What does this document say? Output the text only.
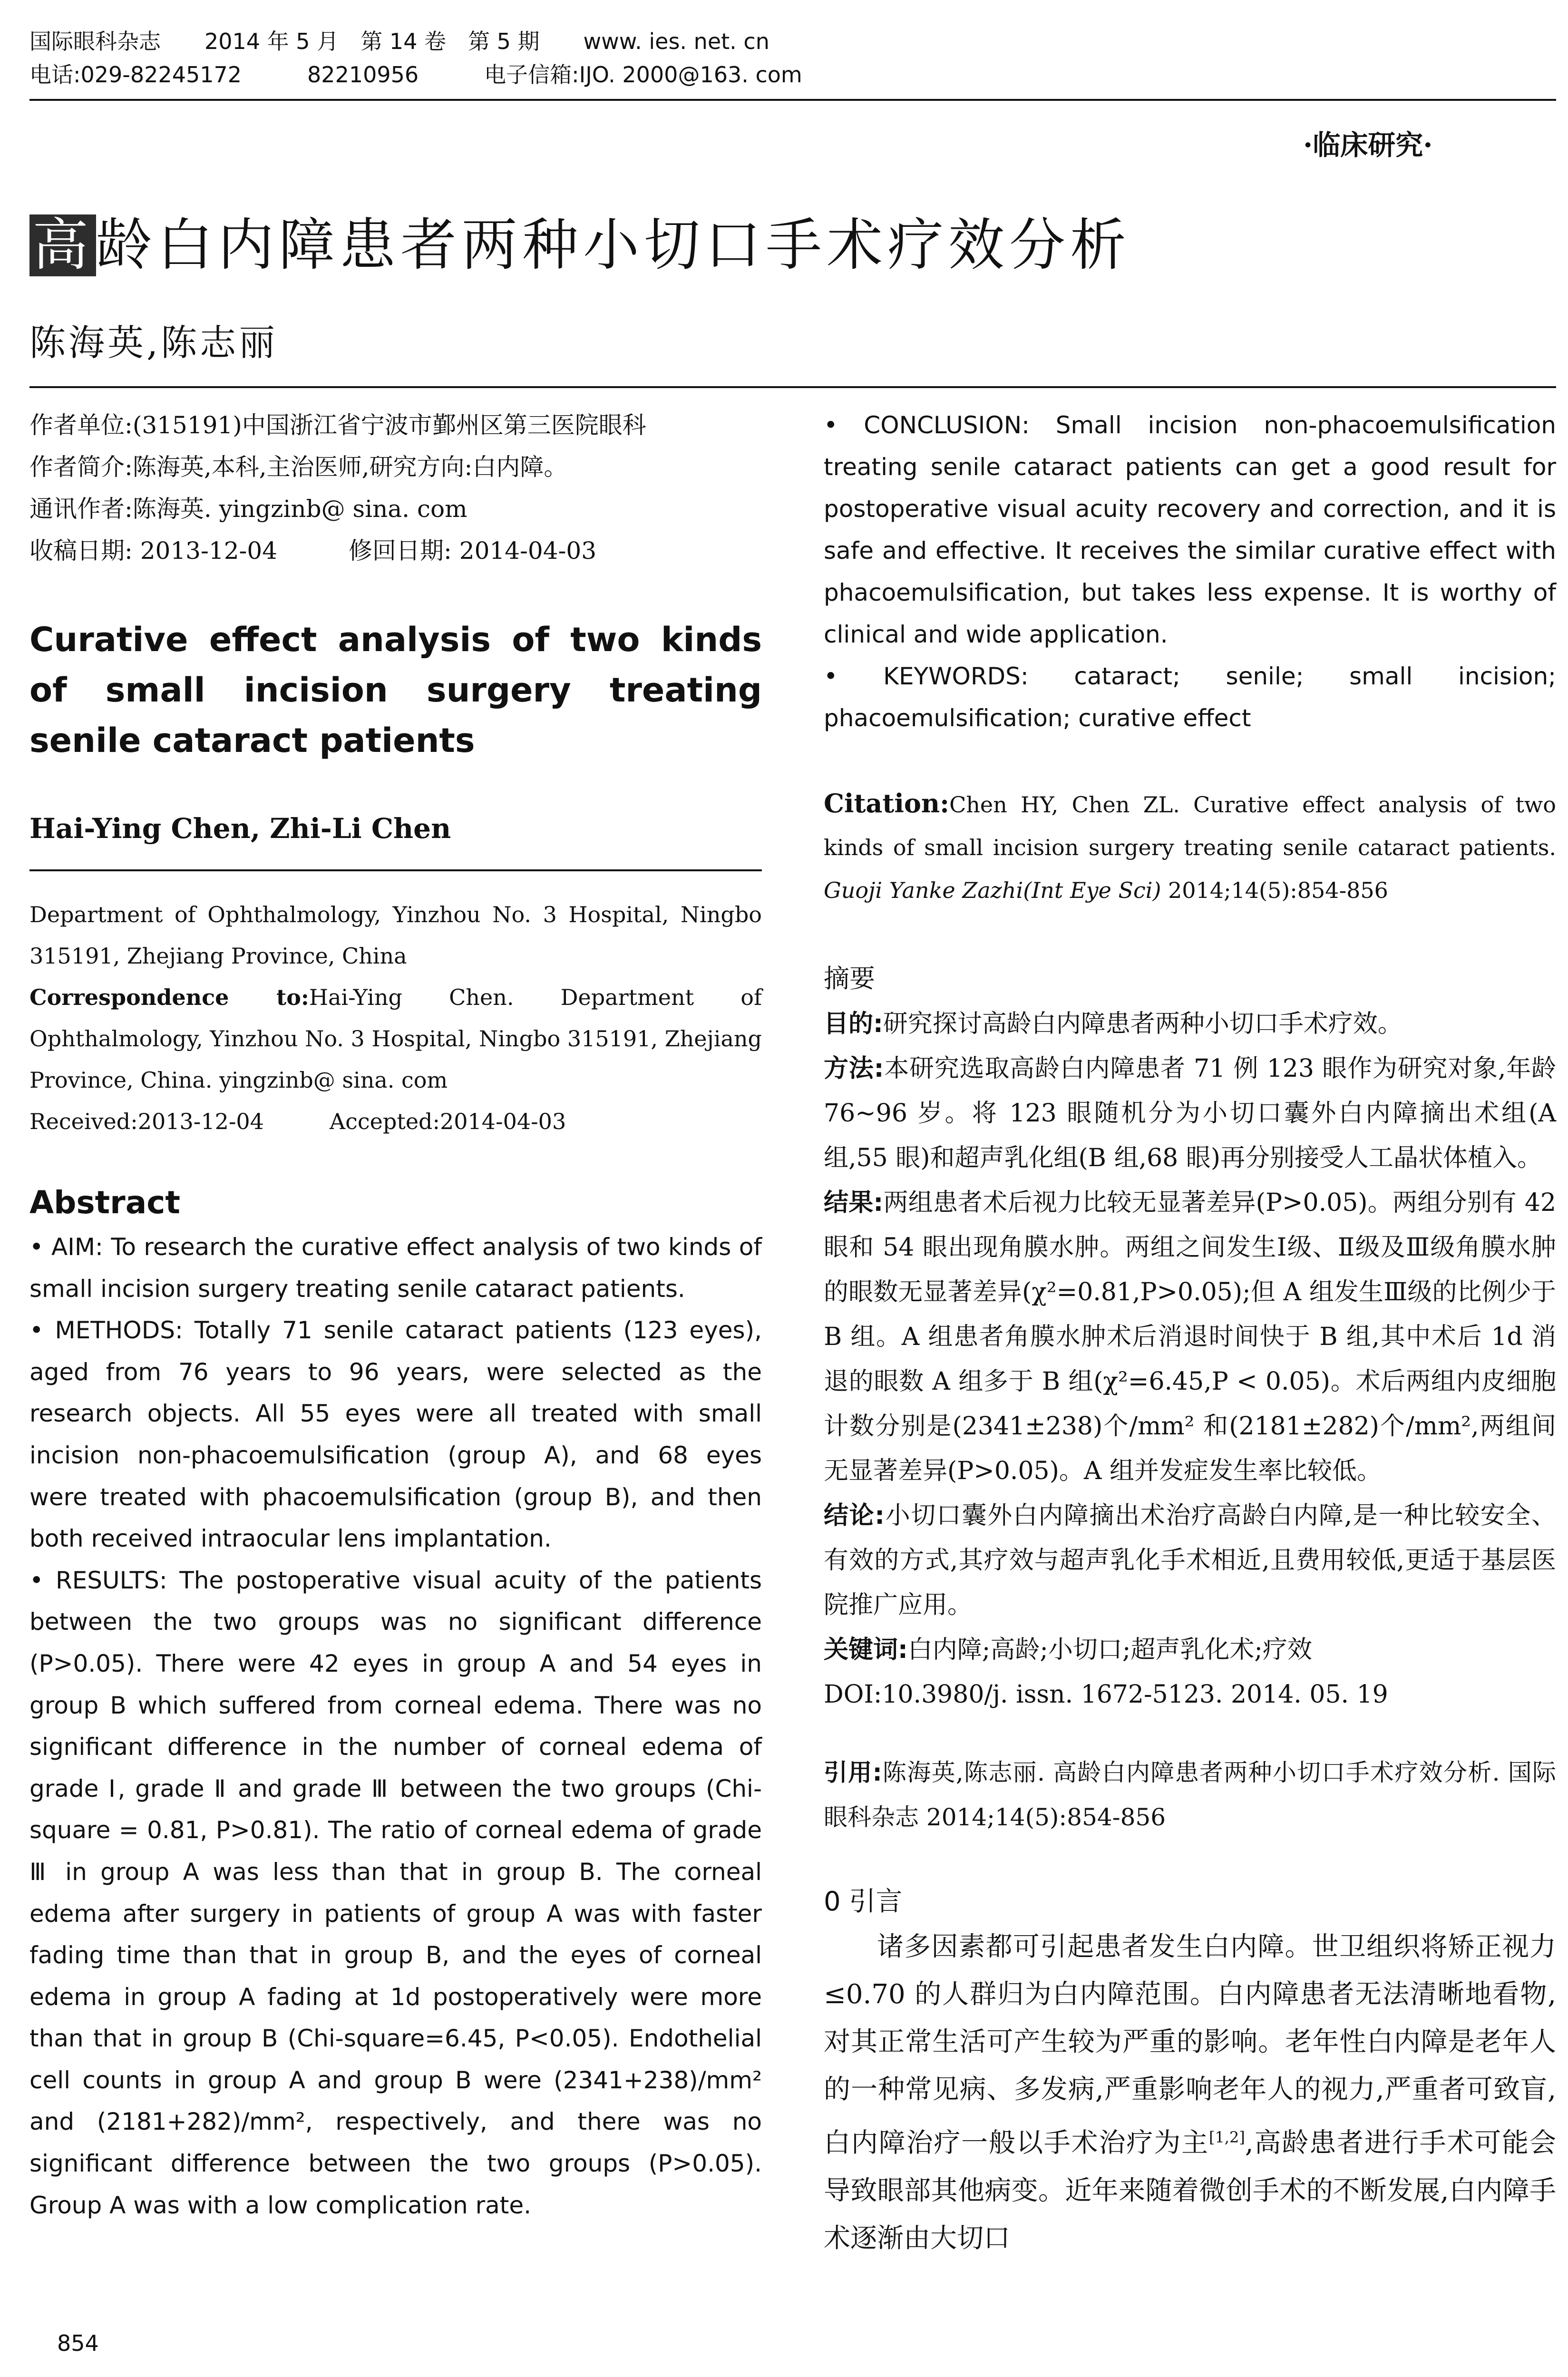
国际眼科杂志　　2014 年 5 月　第 14 卷　第 5 期　　www. ies. net. cn
电话:029-82245172　　　82210956　　　电子信箱:IJO. 2000@163. com
·临床研究·
高龄白内障患者两种小切口手术疗效分析
陈海英,陈志丽
作者单位:(315191)中国浙江省宁波市鄞州区第三医院眼科
作者简介:陈海英,本科,主治医师,研究方向:白内障。
通讯作者:陈海英. yingzinb@ sina. com
收稿日期: 2013-12-04　　　修回日期: 2014-04-03
Curative effect analysis of two kinds of small incision surgery treating senile cataract patients
Hai-Ying Chen, Zhi-Li Chen
Department of Ophthalmology, Yinzhou No. 3 Hospital, Ningbo 315191, Zhejiang Province, China
Correspondence to:Hai-Ying Chen. Department of Ophthalmology, Yinzhou No. 3 Hospital, Ningbo 315191, Zhejiang Province, China. yingzinb@ sina. com
Received:2013-12-04　　　Accepted:2014-04-03
Abstract
• AIM: To research the curative effect analysis of two kinds of small incision surgery treating senile cataract patients.
• METHODS: Totally 71 senile cataract patients (123 eyes), aged from 76 years to 96 years, were selected as the research objects. All 55 eyes were all treated with small incision non-phacoemulsification (group A), and 68 eyes were treated with phacoemulsification (group B), and then both received intraocular lens implantation.
• RESULTS: The postoperative visual acuity of the patients between the two groups was no significant difference (P>0.05). There were 42 eyes in group A and 54 eyes in group B which suffered from corneal edema. There was no significant difference in the number of corneal edema of grade Ⅰ, grade Ⅱ and grade Ⅲ between the two groups (Chi-square = 0.81, P>0.81). The ratio of corneal edema of grade Ⅲ in group A was less than that in group B. The corneal edema after surgery in patients of group A was with faster fading time than that in group B, and the eyes of corneal edema in group A fading at 1d postoperatively were more than that in group B (Chi-square=6.45, P<0.05). Endothelial cell counts in group A and group B were (2341+238)/mm² and (2181+282)/mm², respectively, and there was no significant difference between the two groups (P>0.05). Group A was with a low complication rate.
• CONCLUSION: Small incision non-phacoemulsification treating senile cataract patients can get a good result for postoperative visual acuity recovery and correction, and it is safe and effective. It receives the similar curative effect with phacoemulsification, but takes less expense. It is worthy of clinical and wide application.
• KEYWORDS: cataract; senile; small incision; phacoemulsification; curative effect
Citation:Chen HY, Chen ZL. Curative effect analysis of two kinds of small incision surgery treating senile cataract patients. Guoji Yanke Zazhi(Int Eye Sci) 2014;14(5):854-856
摘要
目的:研究探讨高龄白内障患者两种小切口手术疗效。
方法:本研究选取高龄白内障患者 71 例 123 眼作为研究对象,年龄 76~96 岁。将 123 眼随机分为小切口囊外白内障摘出术组(A 组,55 眼)和超声乳化组(B 组,68 眼)再分别接受人工晶状体植入。
结果:两组患者术后视力比较无显著差异(P>0.05)。两组分别有 42 眼和 54 眼出现角膜水肿。两组之间发生Ⅰ级、Ⅱ级及Ⅲ级角膜水肿的眼数无显著差异(χ²=0.81,P>0.05);但 A 组发生Ⅲ级的比例少于 B 组。A 组患者角膜水肿术后消退时间快于 B 组,其中术后 1d 消退的眼数 A 组多于 B 组(χ²=6.45,P < 0.05)。术后两组内皮细胞计数分别是(2341±238)个/mm² 和(2181±282)个/mm²,两组间无显著差异(P>0.05)。A 组并发症发生率比较低。
结论:小切口囊外白内障摘出术治疗高龄白内障,是一种比较安全、有效的方式,其疗效与超声乳化手术相近,且费用较低,更适于基层医院推广应用。
关键词:白内障;高龄;小切口;超声乳化术;疗效
DOI:10.3980/j. issn. 1672-5123. 2014. 05. 19
引用:陈海英,陈志丽. 高龄白内障患者两种小切口手术疗效分析. 国际眼科杂志 2014;14(5):854-856
0 引言
诸多因素都可引起患者发生白内障。世卫组织将矫正视力≤0.70 的人群归为白内障范围。白内障患者无法清晰地看物,对其正常生活可产生较为严重的影响。老年性白内障是老年人的一种常见病、多发病,严重影响老年人的视力,严重者可致盲,白内障治疗一般以手术治疗为主[1,2],高龄患者进行手术可能会导致眼部其他病变。近年来随着微创手术的不断发展,白内障手术逐渐由大切口
854
